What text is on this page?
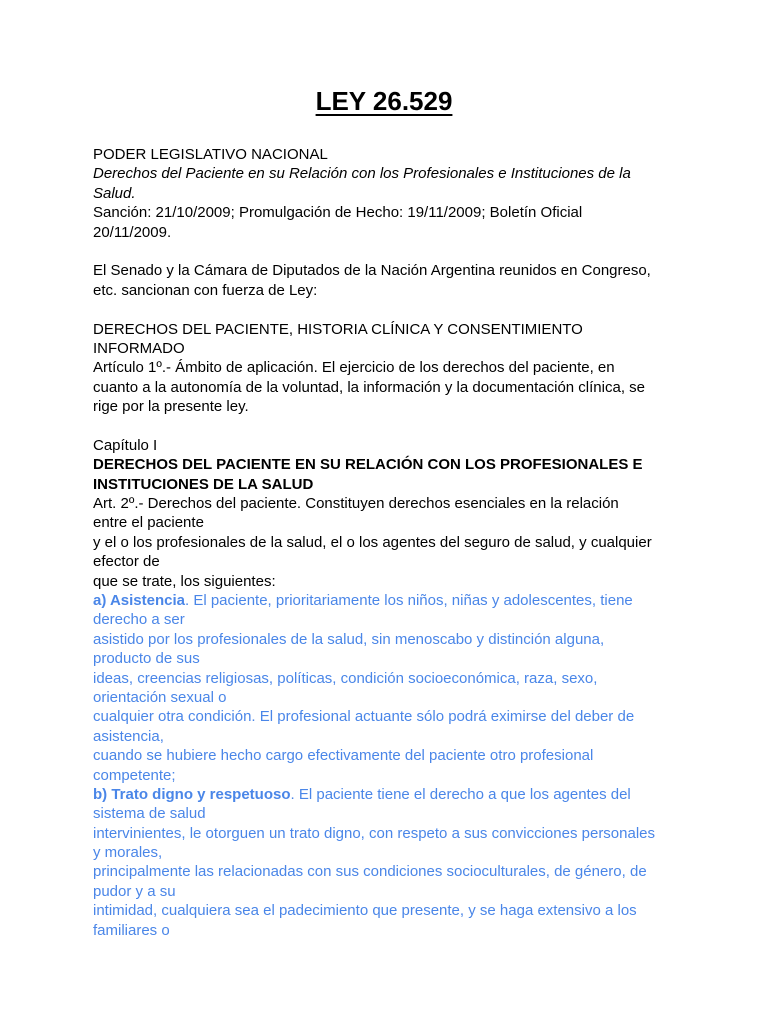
LEY 26.529
PODER LEGISLATIVO NACIONAL
Derechos del Paciente en su Relación con los Profesionales e Instituciones de la
Salud.
Sanción: 21/10/2009; Promulgación de Hecho: 19/11/2009; Boletín Oficial
20/11/2009.
El Senado y la Cámara de Diputados de la Nación Argentina reunidos en Congreso,
etc. sancionan con fuerza de Ley:
DERECHOS DEL PACIENTE, HISTORIA CLÍNICA Y CONSENTIMIENTO
INFORMADO
Artículo 1º.- Ámbito de aplicación. El ejercicio de los derechos del paciente, en
cuanto a la autonomía de la voluntad, la información y la documentación clínica, se
rige por la presente ley.
Capítulo I
DERECHOS DEL PACIENTE EN SU RELACIÓN CON LOS PROFESIONALES E
INSTITUCIONES DE LA SALUD
Art. 2º.- Derechos del paciente. Constituyen derechos esenciales en la relación
entre el paciente
y el o los profesionales de la salud, el o los agentes del seguro de salud, y cualquier
efector de
que se trate, los siguientes:
a) Asistencia. El paciente, prioritariamente los niños, niñas y adolescentes, tiene
derecho a ser
asistido por los profesionales de la salud, sin menoscabo y distinción alguna,
producto de sus
ideas, creencias religiosas, políticas, condición socioeconómica, raza, sexo,
orientación sexual o
cualquier otra condición. El profesional actuante sólo podrá eximirse del deber de
asistencia,
cuando se hubiere hecho cargo efectivamente del paciente otro profesional
competente;
b) Trato digno y respetuoso. El paciente tiene el derecho a que los agentes del
sistema de salud
intervinientes, le otorguen un trato digno, con respeto a sus convicciones personales
y morales,
principalmente las relacionadas con sus condiciones socioculturales, de género, de
pudor y a su
intimidad, cualquiera sea el padecimiento que presente, y se haga extensivo a los
familiares o
